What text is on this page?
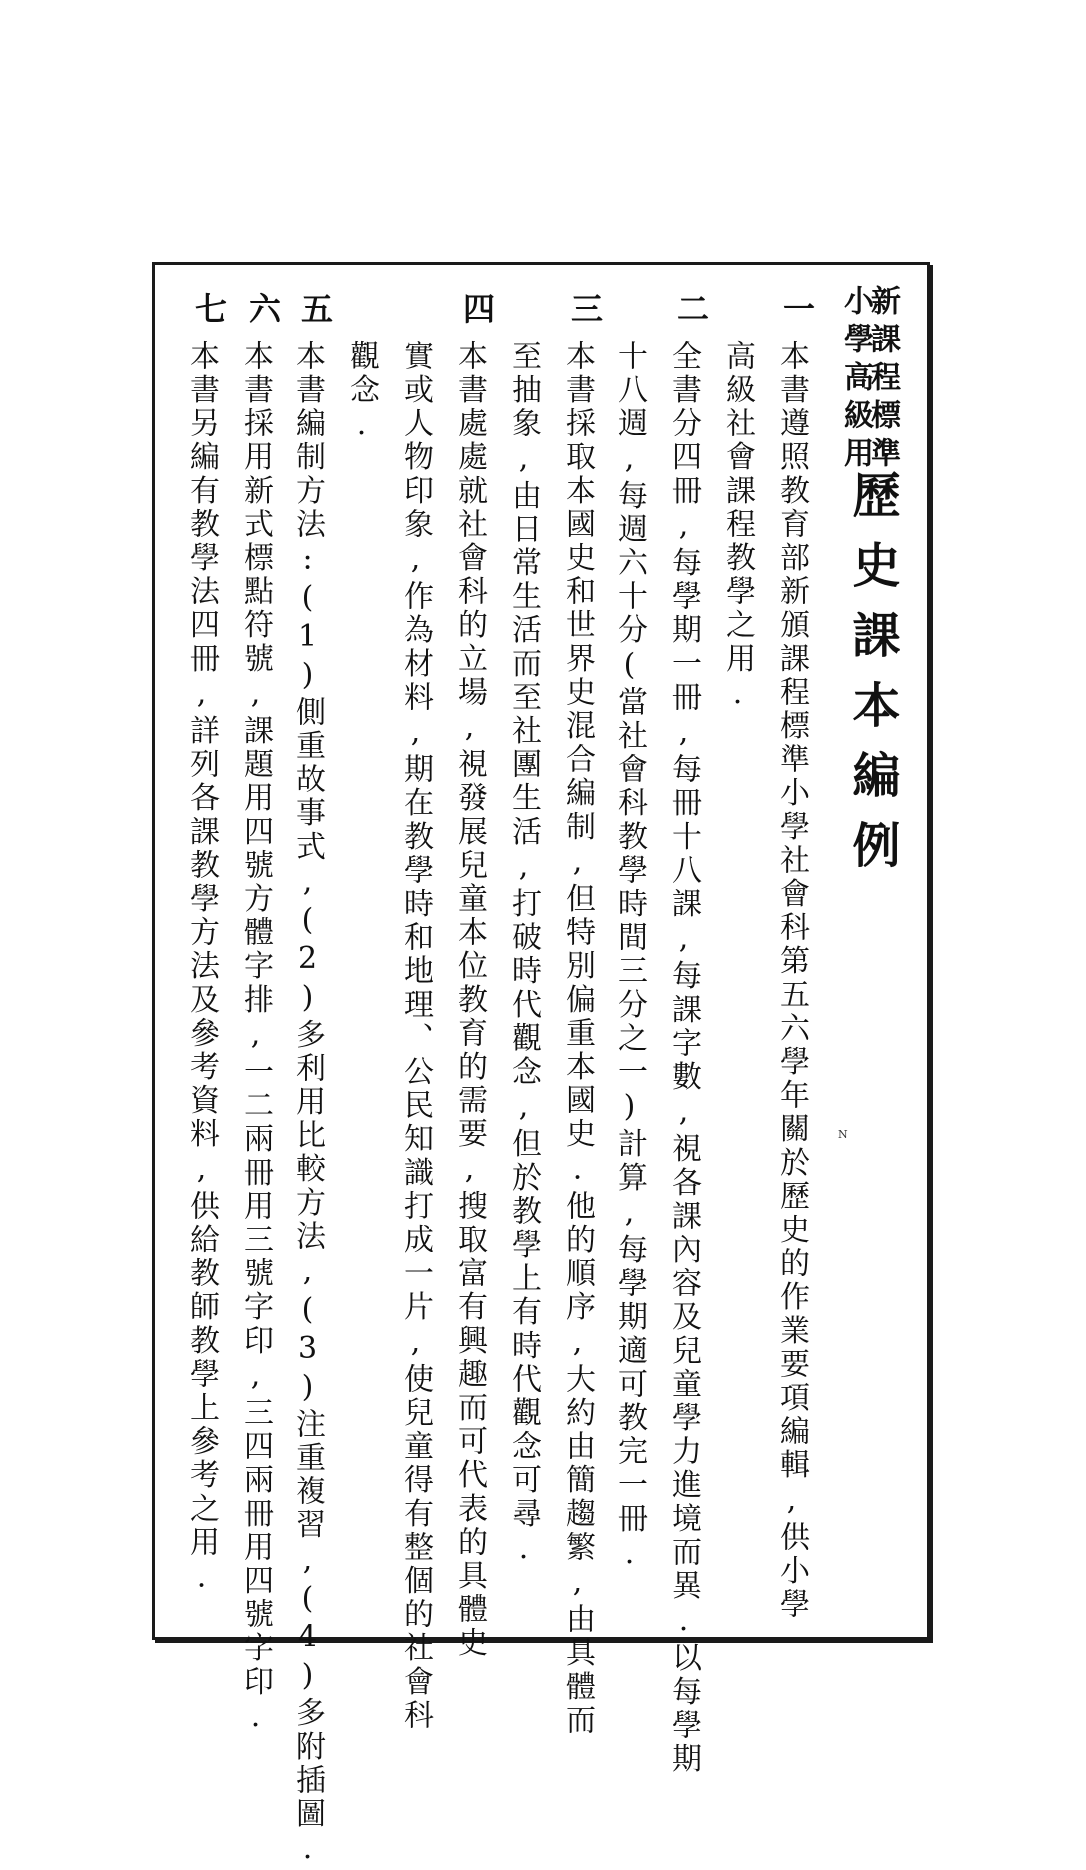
新課程標準
小學高級用
歷史課本編例
一
本書遵照教育部新頒課程標準小學社會科第五六學年關於歷史的作業要項編輯,供小學
高級社會課程教學之用.
二
全書分四冊,每學期一冊,每冊十八課,每課字數,視各課內容及兒童學力進境而異.以每學期
十八週,每週六十分(當社會科教學時間三分之一)計算,每學期適可教完一冊.
三
本書採取本國史和世界史混合編制,但特別偏重本國史.他的順序,大約由簡趨繁,由具體而
至抽象,由日常生活而至社團生活,打破時代觀念,但於教學上有時代觀念可尋.
四
本書處處就社會科的立場,視發展兒童本位教育的需要,搜取富有興趣而可代表的具體史
實或人物印象,作為材料,期在教學時和地理、公民知識打成一片,使兒童得有整個的社會科
觀念.
五
本書編制方法:(1)側重故事式,(2)多利用比較方法,(3)注重複習,(4)多附插圖.
六
本書採用新式標點符號,課題用四號方體字排,一二兩冊用三號字印,三四兩冊用四號字印.
七
本書另編有教學法四冊,詳列各課教學方法及參考資料,供給教師教學上參考之用.	N
